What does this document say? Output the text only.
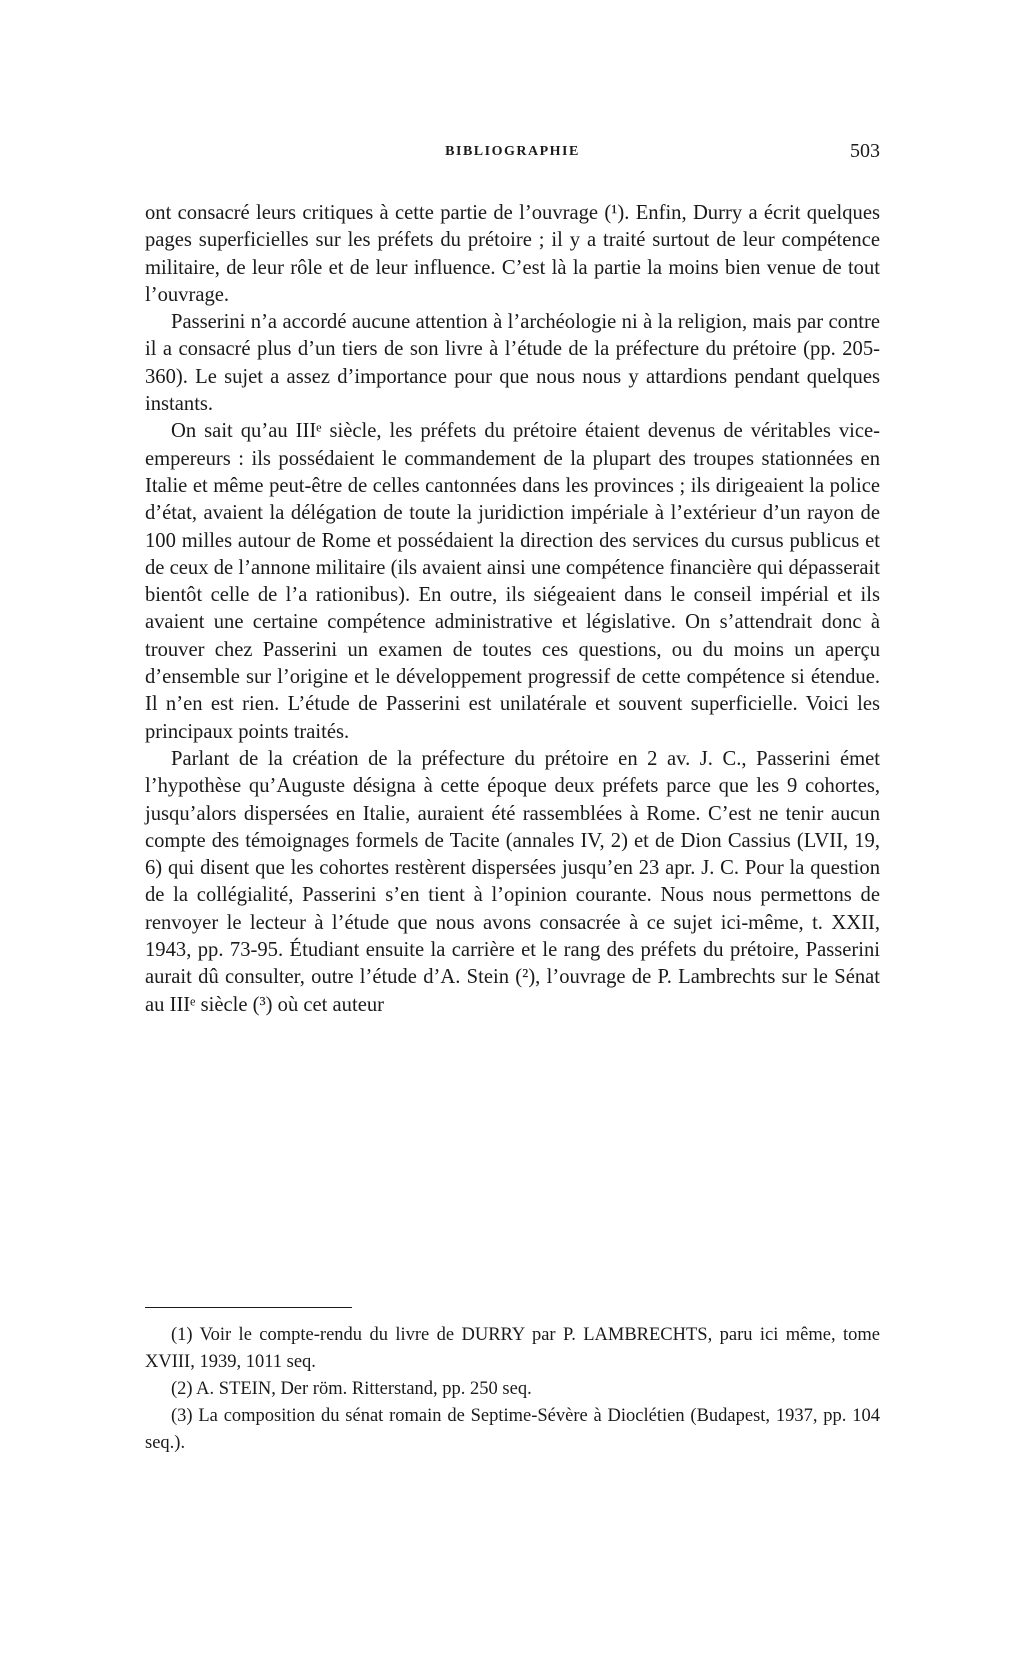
BIBLIOGRAPHIE	503

ont consacré leurs critiques à cette partie de l’ouvrage (¹). Enfin, Durry a écrit quelques pages superficielles sur les préfets du prétoire ; il y a traité surtout de leur compétence militaire, de leur rôle et de leur influence. C’est là la partie la moins bien venue de tout l’ouvrage.

Passerini n’a accordé aucune attention à l’archéologie ni à la religion, mais par contre il a consacré plus d’un tiers de son livre à l’étude de la préfecture du prétoire (pp. 205-360). Le sujet a assez d’importance pour que nous nous y attardions pendant quelques instants.

On sait qu’au IIIᵉ siècle, les préfets du prétoire étaient devenus de véritables vice-empereurs : ils possédaient le commandement de la plupart des troupes stationnées en Italie et même peut-être de celles cantonnées dans les provinces ; ils dirigeaient la police d’état, avaient la délégation de toute la juridiction impériale à l’extérieur d’un rayon de 100 milles autour de Rome et possédaient la direction des services du cursus publicus et de ceux de l’annone militaire (ils avaient ainsi une compétence financière qui dépasserait bientôt celle de l’a rationibus). En outre, ils siégeaient dans le conseil impérial et ils avaient une certaine compétence administrative et législative. On s’attendrait donc à trouver chez Passerini un examen de toutes ces questions, ou du moins un aperçu d’ensemble sur l’origine et le développement progressif de cette compétence si étendue. Il n’en est rien. L’étude de Passerini est unilatérale et souvent superficielle. Voici les principaux points traités.

Parlant de la création de la préfecture du prétoire en 2 av. J. C., Passerini émet l’hypothèse qu’Auguste désigna à cette époque deux préfets parce que les 9 cohortes, jusqu’alors dispersées en Italie, auraient été rassemblées à Rome. C’est ne tenir aucun compte des témoignages formels de Tacite (annales IV, 2) et de Dion Cassius (LVII, 19, 6) qui disent que les cohortes restèrent dispersées jusqu’en 23 apr. J. C. Pour la question de la collégialité, Passerini s’en tient à l’opinion courante. Nous nous permettons de renvoyer le lecteur à l’étude que nous avons consacrée à ce sujet ici-même, t. XXII, 1943, pp. 73-95. Étudiant ensuite la carrière et le rang des préfets du prétoire, Passerini aurait dû consulter, outre l’étude d’A. Stein (²), l’ouvrage de P. Lambrechts sur le Sénat au IIIᵉ siècle (³) où cet auteur

(1) Voir le compte-rendu du livre de DURRY par P. LAMBRECHTS, paru ici même, tome XVIII, 1939, 1011 seq.

(2) A. STEIN, Der röm. Ritterstand, pp. 250 seq.

(3) La composition du sénat romain de Septime-Sévère à Dioclétien (Budapest, 1937, pp. 104 seq.).
